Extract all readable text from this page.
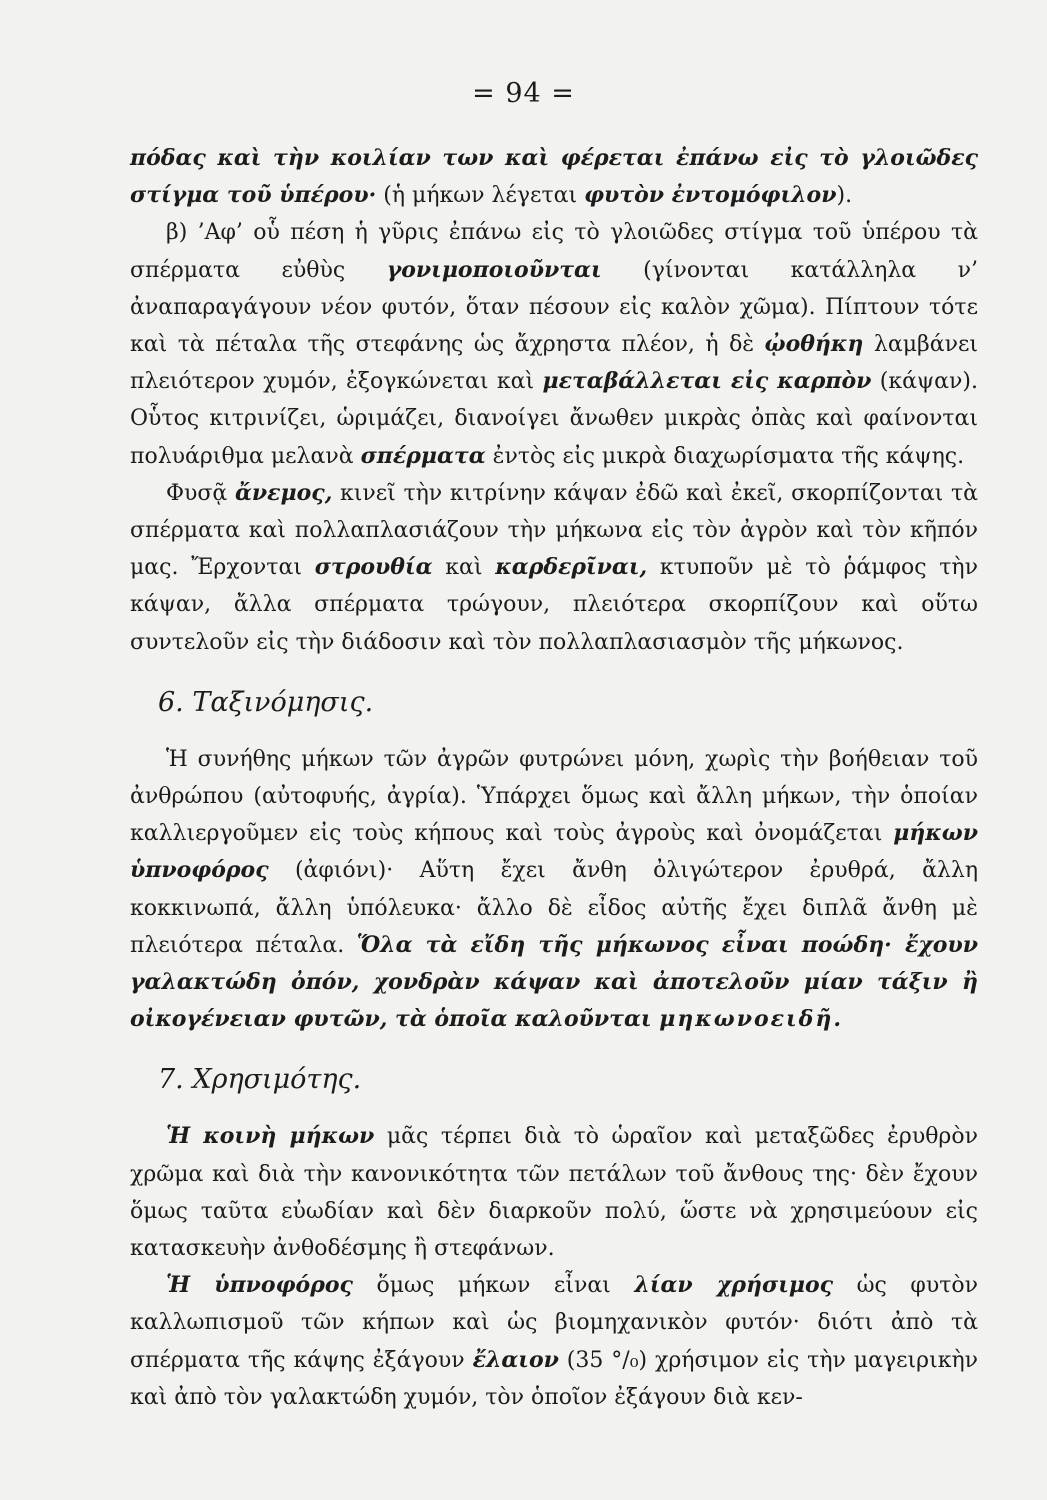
= 94 =

πόδας καὶ τὴν κοιλίαν των καὶ φέρεται ἐπάνω εἰς τὸ γλοιῶδες στίγμα τοῦ ὑπέρου· (ἡ μήκων λέγεται φυτὸν ἐντομόφιλον).

β) ’Αφ’ οὗ πέση ἡ γῦρις ἐπάνω εἰς τὸ γλοιῶδες στίγμα τοῦ ὑπέρου τὰ σπέρματα εὐθὺς γονιμοποιοῦνται (γίνονται κατάλληλα ν’ ἀναπαραγάγουν νέον φυτόν, ὅταν πέσουν εἰς καλὸν χῶμα). Πίπτουν τότε καὶ τὰ πέταλα τῆς στεφάνης ὡς ἄχρηστα πλέον, ἡ δὲ ᾠοθήκη λαμβάνει πλειότερον χυμόν, ἐξογκώνεται καὶ μεταβάλλεται εἰς καρπὸν (κάψαν). Οὗτος κιτρινίζει, ὡριμάζει, διανοίγει ἄνωθεν μικρὰς ὀπὰς καὶ φαίνονται πολυάριθμα μελανὰ σπέρματα ἐντὸς εἰς μικρὰ διαχωρίσματα τῆς κάψης.

Φυσᾷ ἄνεμος, κινεῖ τὴν κιτρίνην κάψαν ἐδῶ καὶ ἐκεῖ, σκορπίζονται τὰ σπέρματα καὶ πολλαπλασιάζουν τὴν μήκωνα εἰς τὸν ἀγρὸν καὶ τὸν κῆπόν μας. Ἔρχονται στρουθία καὶ καρδερῖναι, κτυποῦν μὲ τὸ ῥάμφος τὴν κάψαν, ἄλλα σπέρματα τρώγουν, πλειότερα σκορπίζουν καὶ οὕτω συντελοῦν εἰς τὴν διάδοσιν καὶ τὸν πολλαπλασιασμὸν τῆς μήκωνος.

6. Ταξινόμησις.

Ἡ συνήθης μήκων τῶν ἀγρῶν φυτρώνει μόνη, χωρὶς τὴν βοήθειαν τοῦ ἀνθρώπου (αὐτοφυής, ἀγρία). Ὑπάρχει ὅμως καὶ ἄλλη μήκων, τὴν ὁποίαν καλλιεργοῦμεν εἰς τοὺς κήπους καὶ τοὺς ἀγροὺς καὶ ὀνομάζεται μήκων ὑπνοφόρος (ἀφιόνι)· Αὕτη ἔχει ἄνθη ὀλιγώτερον ἐρυθρά, ἄλλη κοκκινωπά, ἄλλη ὑπόλευκα· ἄλλο δὲ εἶδος αὐτῆς ἔχει διπλᾶ ἄνθη μὲ πλειότερα πέταλα. Ὅλα τὰ εἴδη τῆς μήκωνος εἶναι ποώδη· ἔχουν γαλακτώδη ὀπόν, χονδρὰν κάψαν καὶ ἀποτελοῦν μίαν τάξιν ἢ οἰκογένειαν φυτῶν, τὰ ὁποῖα καλοῦνται μηκωνοειδῆ.

7. Χρησιμότης.

Ἡ κοινὴ μήκων μᾶς τέρπει διὰ τὸ ὡραῖον καὶ μεταξῶδες ἐρυθρὸν χρῶμα καὶ διὰ τὴν κανονικότητα τῶν πετάλων τοῦ ἄνθους της· δὲν ἔχουν ὅμως ταῦτα εὐωδίαν καὶ δὲν διαρκοῦν πολύ, ὥστε νὰ χρησιμεύουν εἰς κατασκευὴν ἀνθοδέσμης ἢ στεφάνων.

Ἡ ὑπνοφόρος ὅμως μήκων εἶναι λίαν χρήσιμος ὡς φυτὸν καλλωπισμοῦ τῶν κήπων καὶ ὡς βιομηχανικὸν φυτόν· διότι ἀπὸ τὰ σπέρματα τῆς κάψης ἐξάγουν ἔλαιον (35 °/₀) χρήσιμον εἰς τὴν μαγειρικὴν καὶ ἀπὸ τὸν γαλακτώδη χυμόν, τὸν ὁποῖον ἐξάγουν διὰ κεν-
